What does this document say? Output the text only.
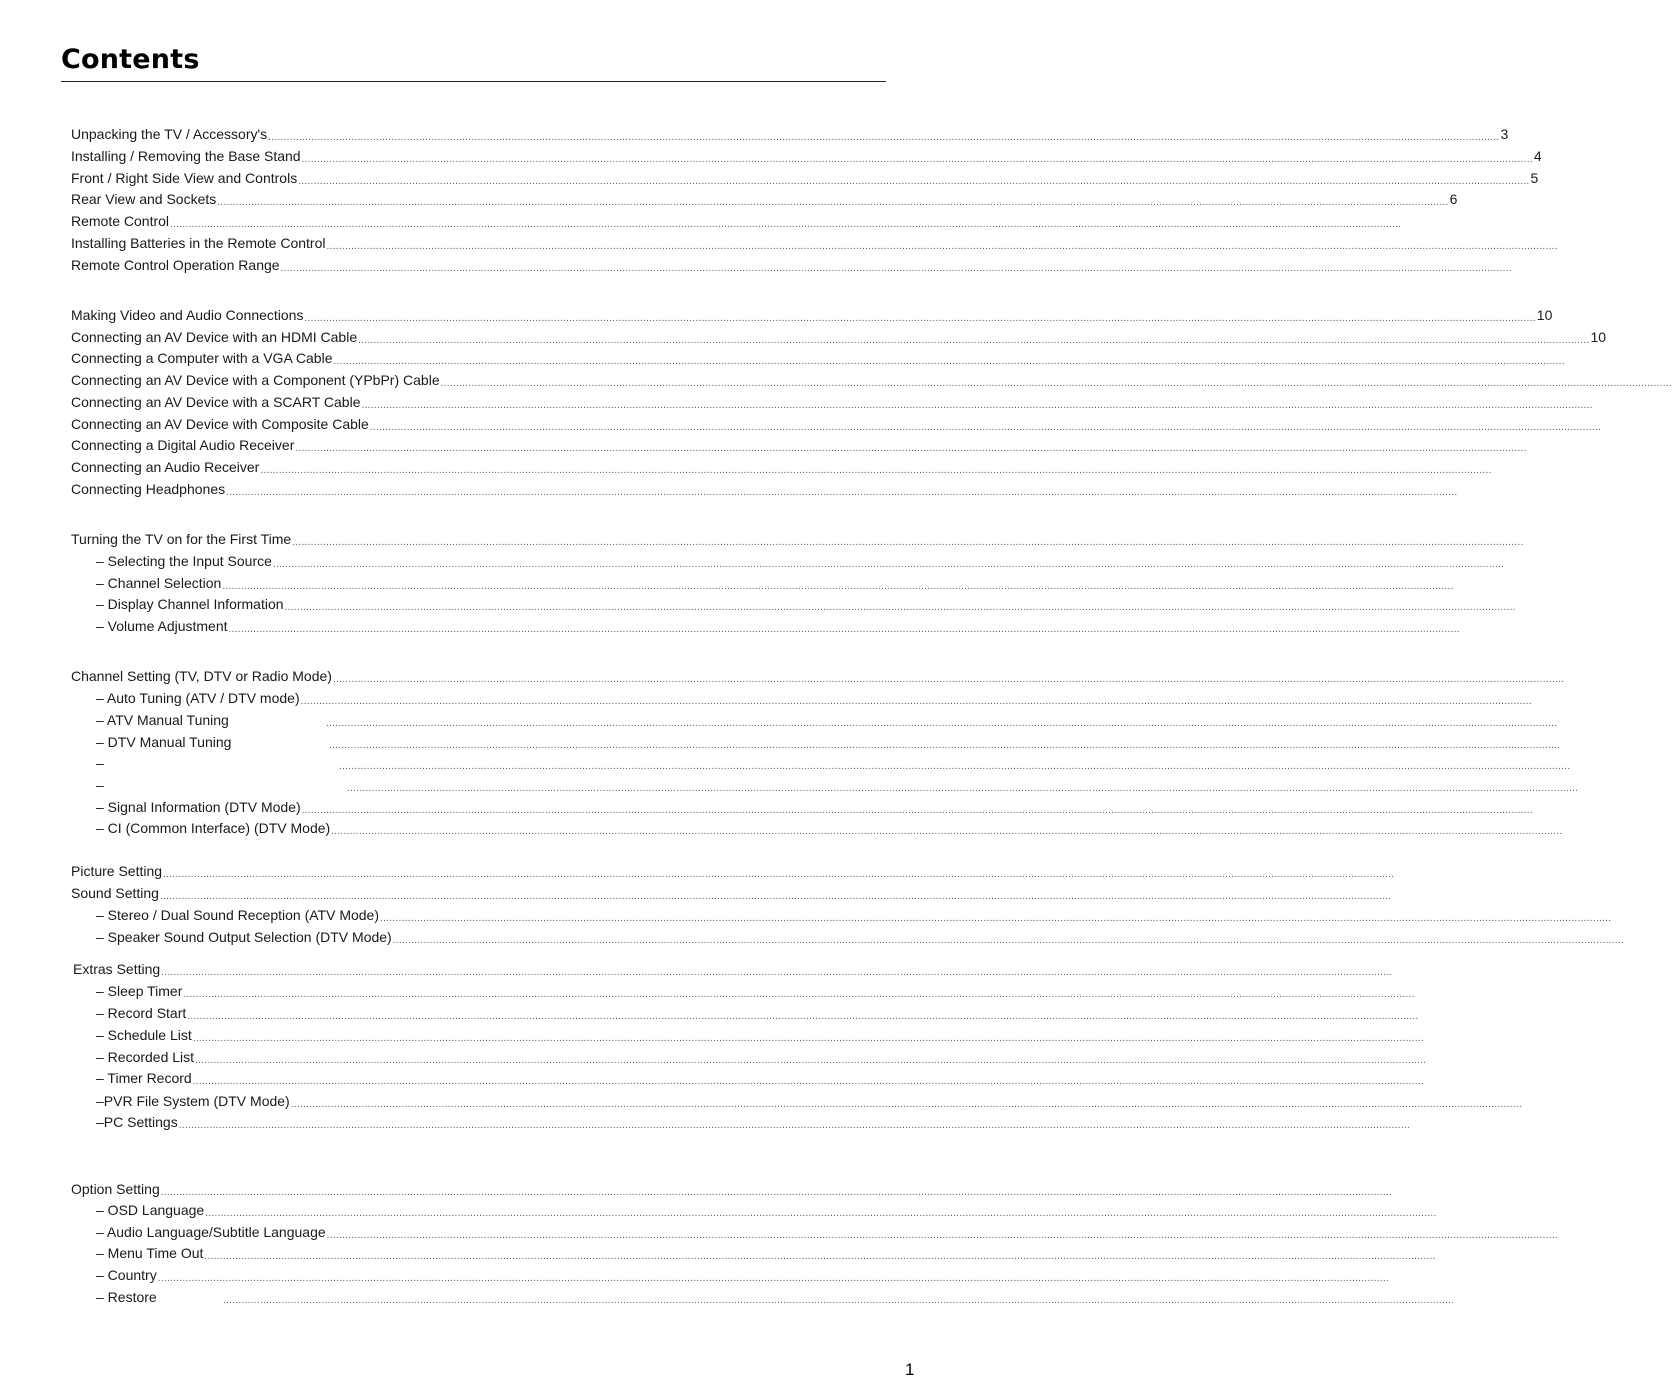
Contents
Unpacking the TV / Accessory's ................................................................................................................................................................................................................................................................................................................................................................................................................ 3
Installing / Removing the Base Stand ................................................................................................................................................................................................................................................................................................................................................................................................................ 4
Front / Right Side View and Controls ................................................................................................................................................................................................................................................................................................................................................................................................................ 5
Rear View and Sockets ................................................................................................................................................................................................................................................................................................................................................................................................................ 6
Remote Control ................................................................................................................................................................................................................................................................................................................................................................................................................
Installing Batteries in the Remote Control ................................................................................................................................................................................................................................................................................................................................................................................................................
Remote Control Operation Range ................................................................................................................................................................................................................................................................................................................................................................................................................
Making Video and Audio Connections ................................................................................................................................................................................................................................................................................................................................................................................................................ 10
Connecting an AV Device with an HDMI Cable ................................................................................................................................................................................................................................................................................................................................................................................................................ 10
Connecting a Computer with a VGA Cable ................................................................................................................................................................................................................................................................................................................................................................................................................
Connecting an AV Device with a Component (YPbPr) Cable ................................................................................................................................................................................................................................................................................................................................................................................................................
Connecting an AV Device with a SCART Cable ................................................................................................................................................................................................................................................................................................................................................................................................................
Connecting an AV Device with Composite Cable ................................................................................................................................................................................................................................................................................................................................................................................................................
Connecting a Digital Audio Receiver ................................................................................................................................................................................................................................................................................................................................................................................................................
Connecting an Audio Receiver ................................................................................................................................................................................................................................................................................................................................................................................................................
Connecting Headphones ................................................................................................................................................................................................................................................................................................................................................................................................................
Turning the TV on for the First Time ................................................................................................................................................................................................................................................................................................................................................................................................................
– Selecting the Input Source ................................................................................................................................................................................................................................................................................................................................................................................................................
– Channel Selection ................................................................................................................................................................................................................................................................................................................................................................................................................
– Display Channel Information ................................................................................................................................................................................................................................................................................................................................................................................................................
– Volume Adjustment ................................................................................................................................................................................................................................................................................................................................................................................................................
Channel Setting (TV, DTV or Radio Mode) ................................................................................................................................................................................................................................................................................................................................................................................................................
– Auto Tuning (ATV / DTV mode) ................................................................................................................................................................................................................................................................................................................................................................................................................
– ATV Manual Tuning	................................................................................................................................................................................................................................................................................................................................................................................................................
– DTV Manual Tuning	................................................................................................................................................................................................................................................................................................................................................................................................................
–	................................................................................................................................................................................................................................................................................................................................................................................................................
–	................................................................................................................................................................................................................................................................................................................................................................................................................
– Signal Information (DTV Mode) ................................................................................................................................................................................................................................................................................................................................................................................................................
– CI (Common Interface) (DTV Mode) ................................................................................................................................................................................................................................................................................................................................................................................................................
Picture Setting ................................................................................................................................................................................................................................................................................................................................................................................................................
Sound Setting ................................................................................................................................................................................................................................................................................................................................................................................................................
– Stereo / Dual Sound Reception (ATV Mode) ................................................................................................................................................................................................................................................................................................................................................................................................................
– Speaker Sound Output Selection (DTV Mode) ................................................................................................................................................................................................................................................................................................................................................................................................................
Extras Setting ................................................................................................................................................................................................................................................................................................................................................................................................................
– Sleep Timer ................................................................................................................................................................................................................................................................................................................................................................................................................
– Record Start ................................................................................................................................................................................................................................................................................................................................................................................................................
– Schedule List ................................................................................................................................................................................................................................................................................................................................................................................................................
– Recorded List ................................................................................................................................................................................................................................................................................................................................................................................................................
– Timer Record ................................................................................................................................................................................................................................................................................................................................................................................................................
–PVR File System (DTV Mode) ................................................................................................................................................................................................................................................................................................................................................................................................................
–PC Settings ................................................................................................................................................................................................................................................................................................................................................................................................................
Option Setting ................................................................................................................................................................................................................................................................................................................................................................................................................
– OSD Language ................................................................................................................................................................................................................................................................................................................................................................................................................
– Audio Language/Subtitle Language ................................................................................................................................................................................................................................................................................................................................................................................................................
– Menu Time Out ................................................................................................................................................................................................................................................................................................................................................................................................................
– Country ................................................................................................................................................................................................................................................................................................................................................................................................................
– Restore	................................................................................................................................................................................................................................................................................................................................................................................................................
1
